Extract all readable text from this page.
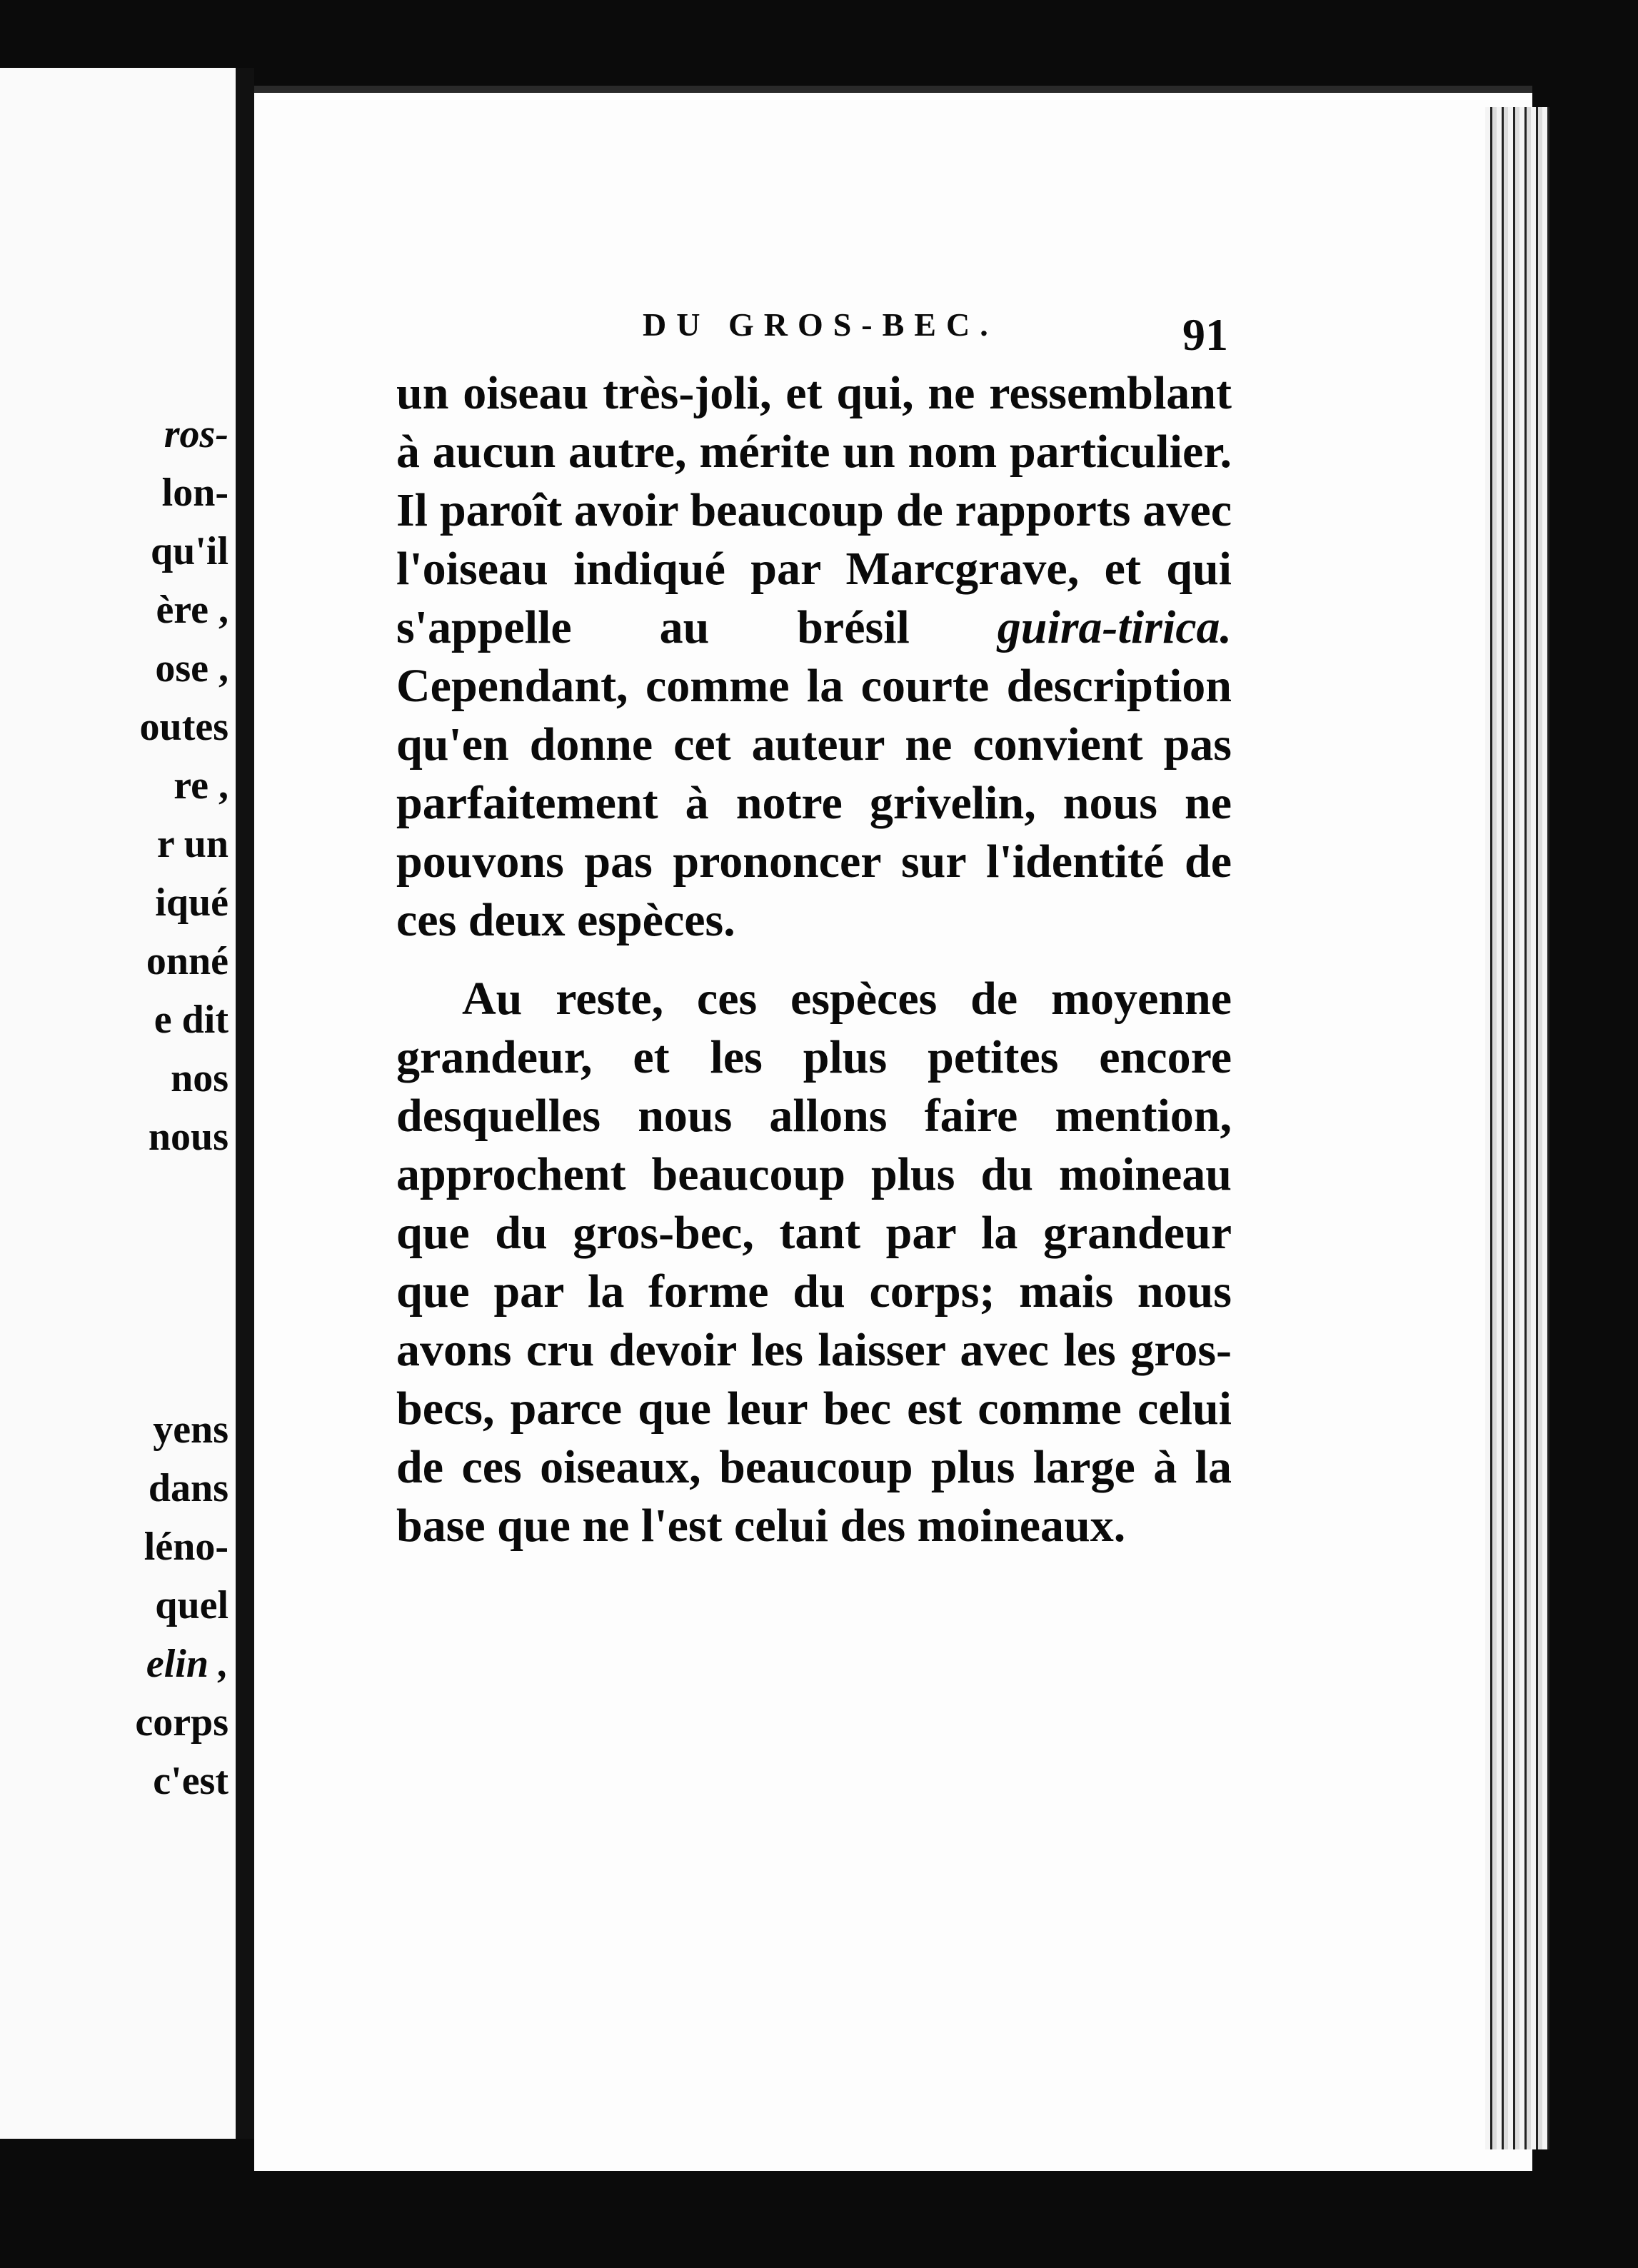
ros-
lon-
qu'il
ère ,
ose ,
outes
re ,
r un
iqué
onné
e dit
nos
nous

yens
dans
léno-
quel
elin ,
corps
c'est
DU GROS-BEC.	91

un oiseau très-joli, et qui, ne ressemblant à aucun autre, mérite un nom particulier. Il paroît avoir beaucoup de rapports avec l'oiseau indiqué par Marcgrave, et qui s'appelle au brésil guira-tirica. Cependant, comme la courte description qu'en donne cet auteur ne convient pas parfaitement à notre grivelin, nous ne pouvons pas prononcer sur l'identité de ces deux espèces.

Au reste, ces espèces de moyenne grandeur, et les plus petites encore desquelles nous allons faire mention, approchent beaucoup plus du moineau que du gros-bec, tant par la grandeur que par la forme du corps; mais nous avons cru devoir les laisser avec les gros-becs, parce que leur bec est comme celui de ces oiseaux, beaucoup plus large à la base que ne l'est celui des moineaux.
